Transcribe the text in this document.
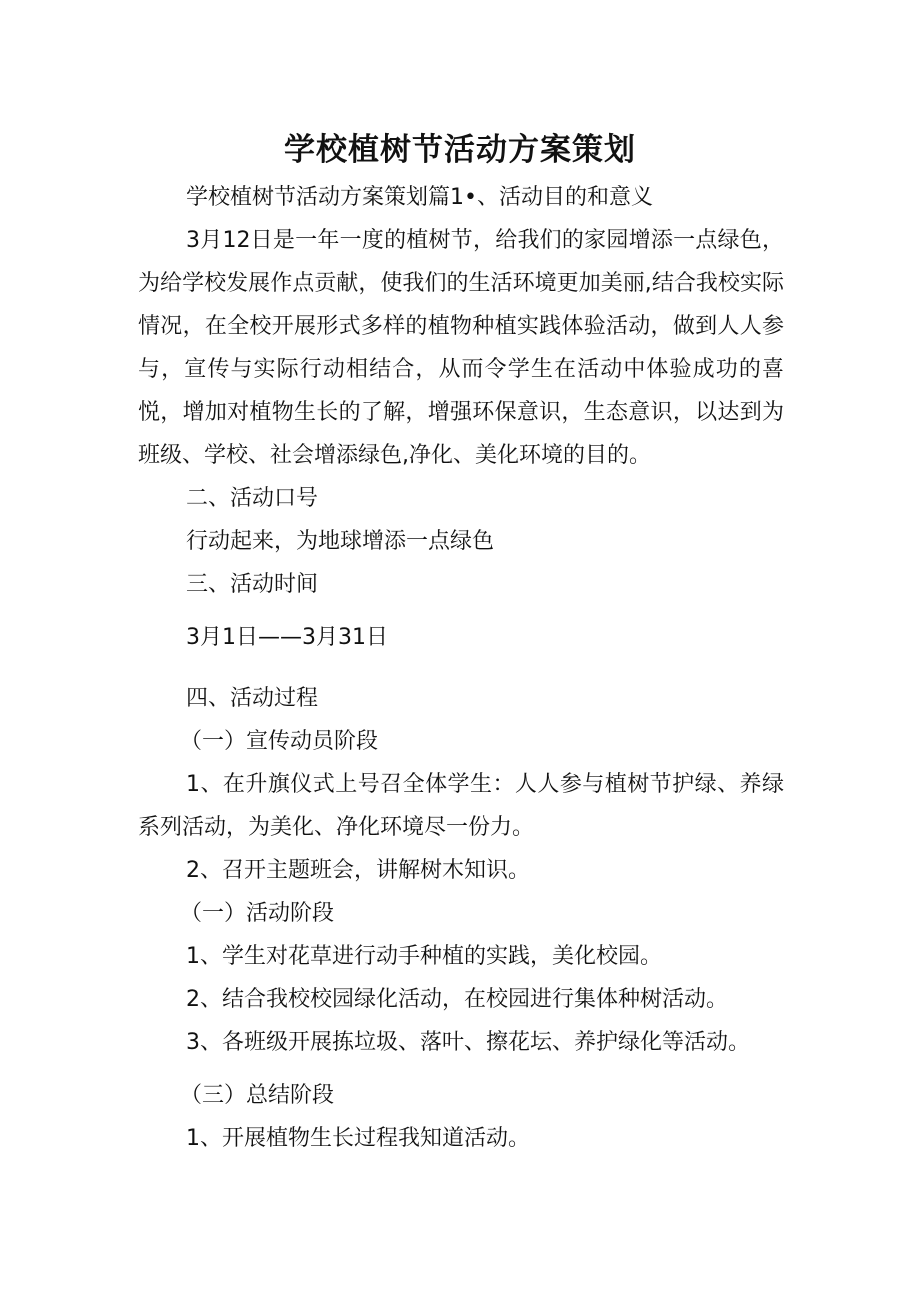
学校植树节活动方案策划

学校植树节活动方案策划篇1•、活动目的和意义

3月12日是一年一度的植树节，给我们的家园增添一点绿色，为给学校发展作点贡献，使我们的生活环境更加美丽,结合我校实际情况，在全校开展形式多样的植物种植实践体验活动，做到人人参与，宣传与实际行动相结合，从而令学生在活动中体验成功的喜悦，增加对植物生长的了解，增强环保意识，生态意识，以达到为班级、学校、社会增添绿色,净化、美化环境的目的。

二、活动口号

行动起来，为地球增添一点绿色

三、活动时间

3月1日——3月31日

四、活动过程

（一）宣传动员阶段

1、在升旗仪式上号召全体学生：人人参与植树节护绿、养绿系列活动，为美化、净化环境尽一份力。

2、召开主题班会，讲解树木知识。

（一）活动阶段

1、学生对花草进行动手种植的实践，美化校园。

2、结合我校校园绿化活动，在校园进行集体种树活动。

3、各班级开展拣垃圾、落叶、擦花坛、养护绿化等活动。

（三）总结阶段

1、开展植物生长过程我知道活动。
